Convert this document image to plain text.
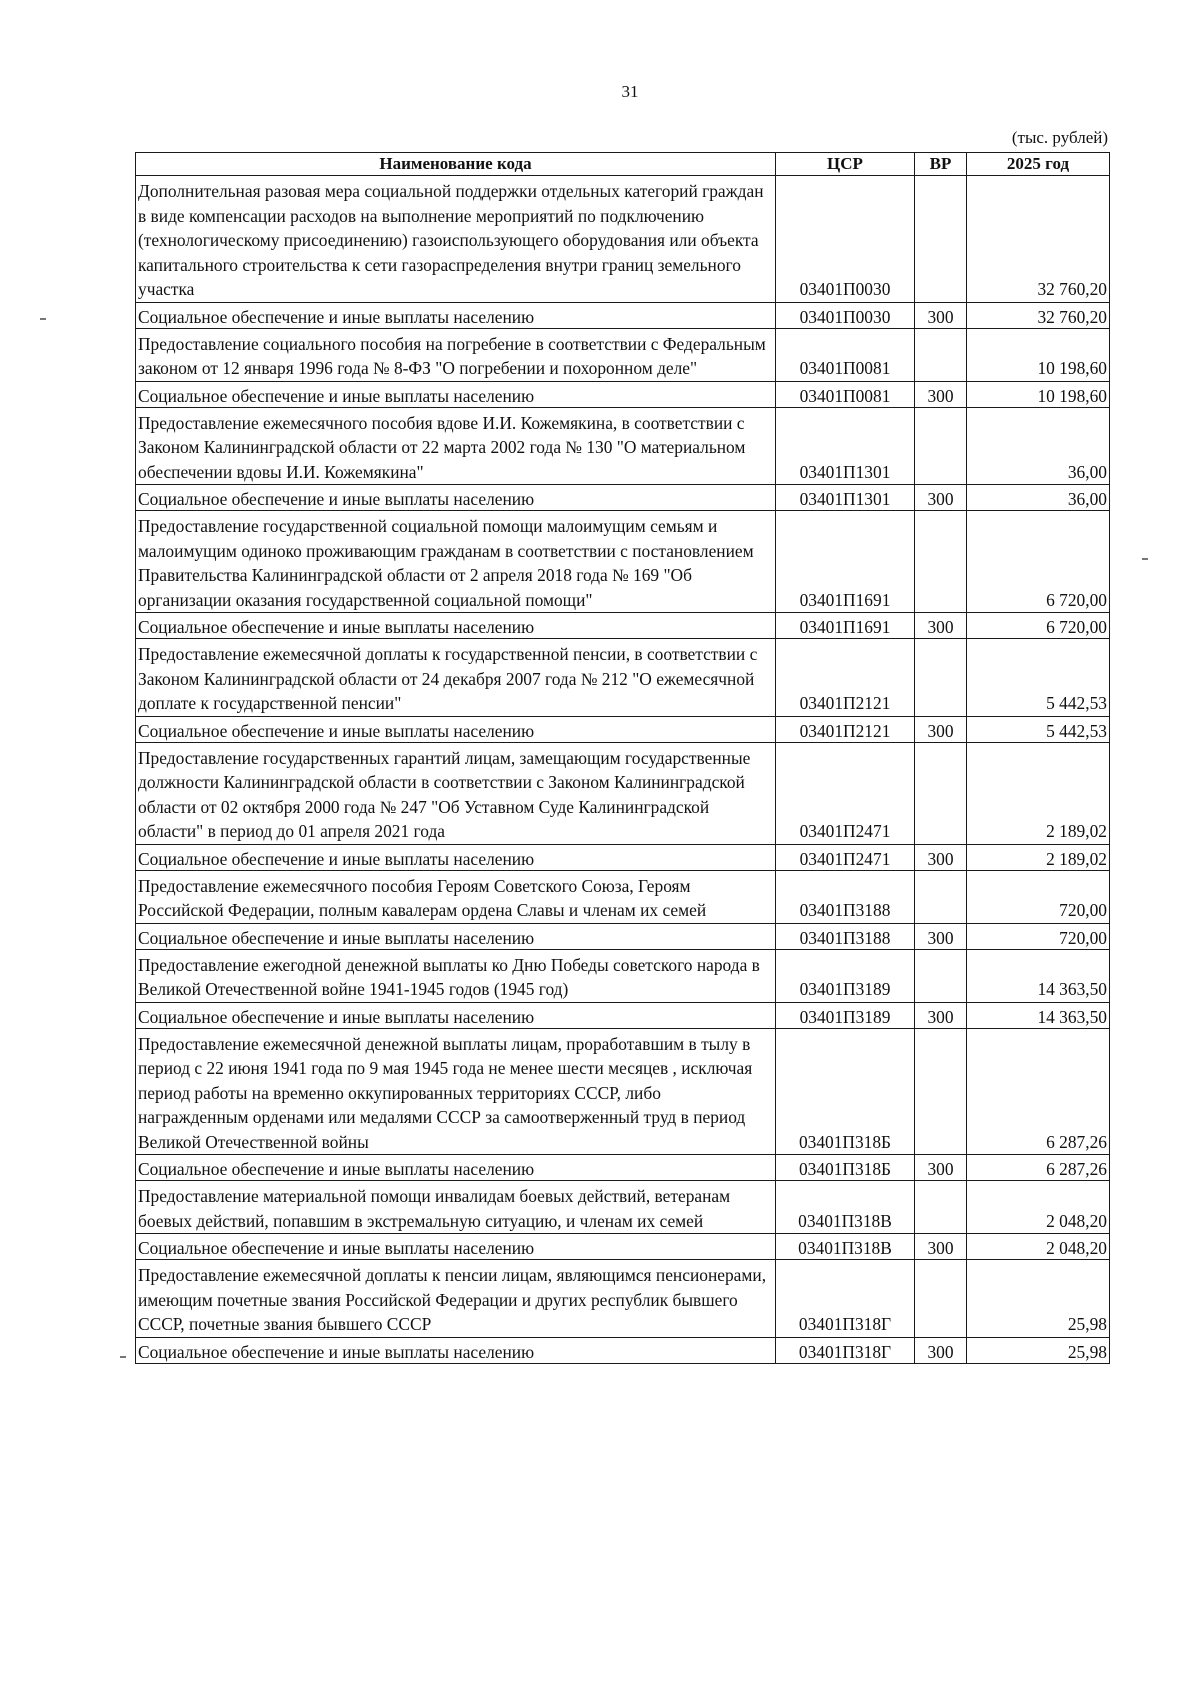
31
(тыс. рублей)
Наименование кода	ЦСР	ВР	2025 год
Дополнительная разовая мера социальной поддержки отдельных категорий граждан в виде компенсации расходов на выполнение мероприятий по подключению (технологическому присоединению) газоиспользующего оборудования или объекта капитального строительства к сети газораспределения внутри границ земельного участка	03401П0030		32 760,20
Социальное обеспечение и иные выплаты населению	03401П0030	300	32 760,20
Предоставление социального пособия на погребение в соответствии с Федеральным законом от 12 января 1996 года № 8-ФЗ "О погребении и похоронном деле"	03401П0081		10 198,60
Социальное обеспечение и иные выплаты населению	03401П0081	300	10 198,60
Предоставление ежемесячного пособия вдове И.И. Кожемякина, в соответствии с Законом Калининградской области от 22 марта 2002 года № 130 "О материальном обеспечении вдовы И.И. Кожемякина"	03401П1301		36,00
Социальное обеспечение и иные выплаты населению	03401П1301	300	36,00
Предоставление государственной социальной помощи малоимущим семьям и малоимущим одиноко проживающим гражданам в соответствии с постановлением Правительства Калининградской области от 2 апреля 2018 года № 169 "Об организации оказания государственной социальной помощи"	03401П1691		6 720,00
Социальное обеспечение и иные выплаты населению	03401П1691	300	6 720,00
Предоставление ежемесячной доплаты к государственной пенсии, в соответствии с Законом Калининградской области от 24 декабря 2007 года № 212 "О ежемесячной доплате к государственной пенсии"	03401П2121		5 442,53
Социальное обеспечение и иные выплаты населению	03401П2121	300	5 442,53
Предоставление государственных гарантий лицам, замещающим государственные должности Калининградской области в соответствии с Законом Калининградской области от 02 октября 2000 года № 247 "Об Уставном Суде Калининградской области" в период до 01 апреля 2021 года	03401П2471		2 189,02
Социальное обеспечение и иные выплаты населению	03401П2471	300	2 189,02
Предоставление ежемесячного пособия Героям Советского Союза, Героям Российской Федерации, полным кавалерам ордена Славы и членам их семей	03401П3188		720,00
Социальное обеспечение и иные выплаты населению	03401П3188	300	720,00
Предоставление ежегодной денежной выплаты ко Дню Победы советского народа в Великой Отечественной войне 1941-1945 годов (1945 год)	03401П3189		14 363,50
Социальное обеспечение и иные выплаты населению	03401П3189	300	14 363,50
Предоставление ежемесячной денежной выплаты лицам, проработавшим в тылу в период с 22 июня 1941 года по 9 мая 1945 года не менее шести месяцев , исключая период работы на временно оккупированных территориях СССР, либо награжденным орденами или медалями СССР за самоотверженный труд в период Великой Отечественной войны	03401П318Б		6 287,26
Социальное обеспечение и иные выплаты населению	03401П318Б	300	6 287,26
Предоставление материальной помощи инвалидам боевых действий, ветеранам боевых действий, попавшим в экстремальную ситуацию, и членам их семей	03401П318В		2 048,20
Социальное обеспечение и иные выплаты населению	03401П318В	300	2 048,20
Предоставление ежемесячной доплаты к пенсии лицам, являющимся пенсионерами, имеющим почетные звания Российской Федерации и других республик бывшего СССР, почетные звания бывшего СССР	03401П318Г		25,98
Социальное обеспечение и иные выплаты населению	03401П318Г	300	25,98
